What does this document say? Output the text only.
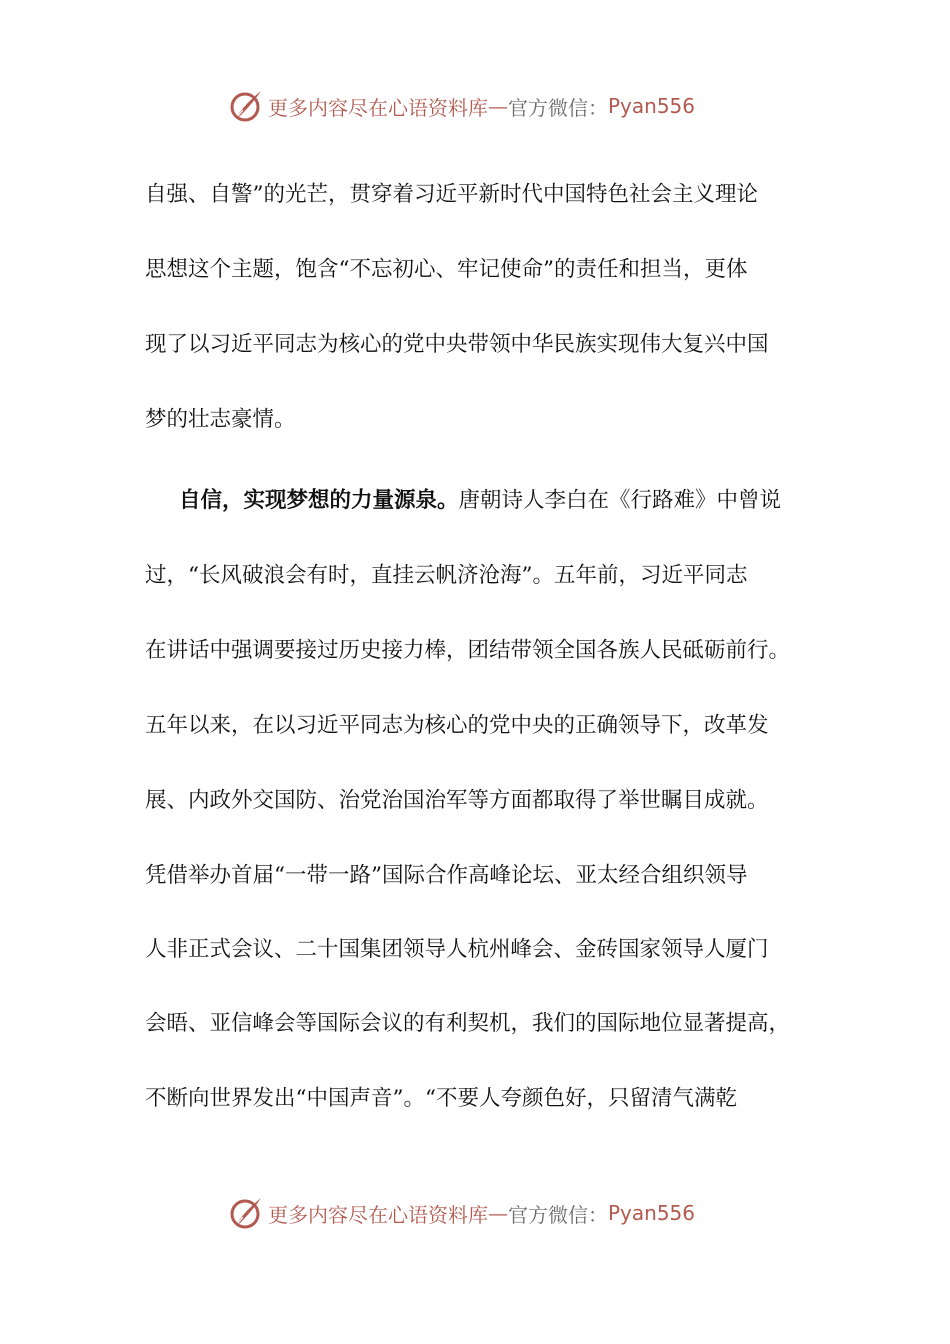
更多内容尽在心语资料库 — 官方微信： Pyan556
自强、自警”的光芒，贯穿着习近平新时代中国特色社会主义理论
思想这个主题，饱含“不忘初心、牢记使命”的责任和担当，更体
现了以习近平同志为核心的党中央带领中华民族实现伟大复兴中国
梦的壮志豪情。
自信，实现梦想的力量源泉。唐朝诗人李白在《行路难》中曾说
过，“长风破浪会有时，直挂云帆济沧海”。五年前，习近平同志
在讲话中强调要接过历史接力棒，团结带领全国各族人民砥砺前行。
五年以来，在以习近平同志为核心的党中央的正确领导下，改革发
展、内政外交国防、治党治国治军等方面都取得了举世瞩目成就。
凭借举办首届“一带一路”国际合作高峰论坛、亚太经合组织领导
人非正式会议、二十国集团领导人杭州峰会、金砖国家领导人厦门
会晤、亚信峰会等国际会议的有利契机，我们的国际地位显著提高，
不断向世界发出“中国声音”。“不要人夸颜色好，只留清气满乾
更多内容尽在心语资料库 — 官方微信： Pyan556
